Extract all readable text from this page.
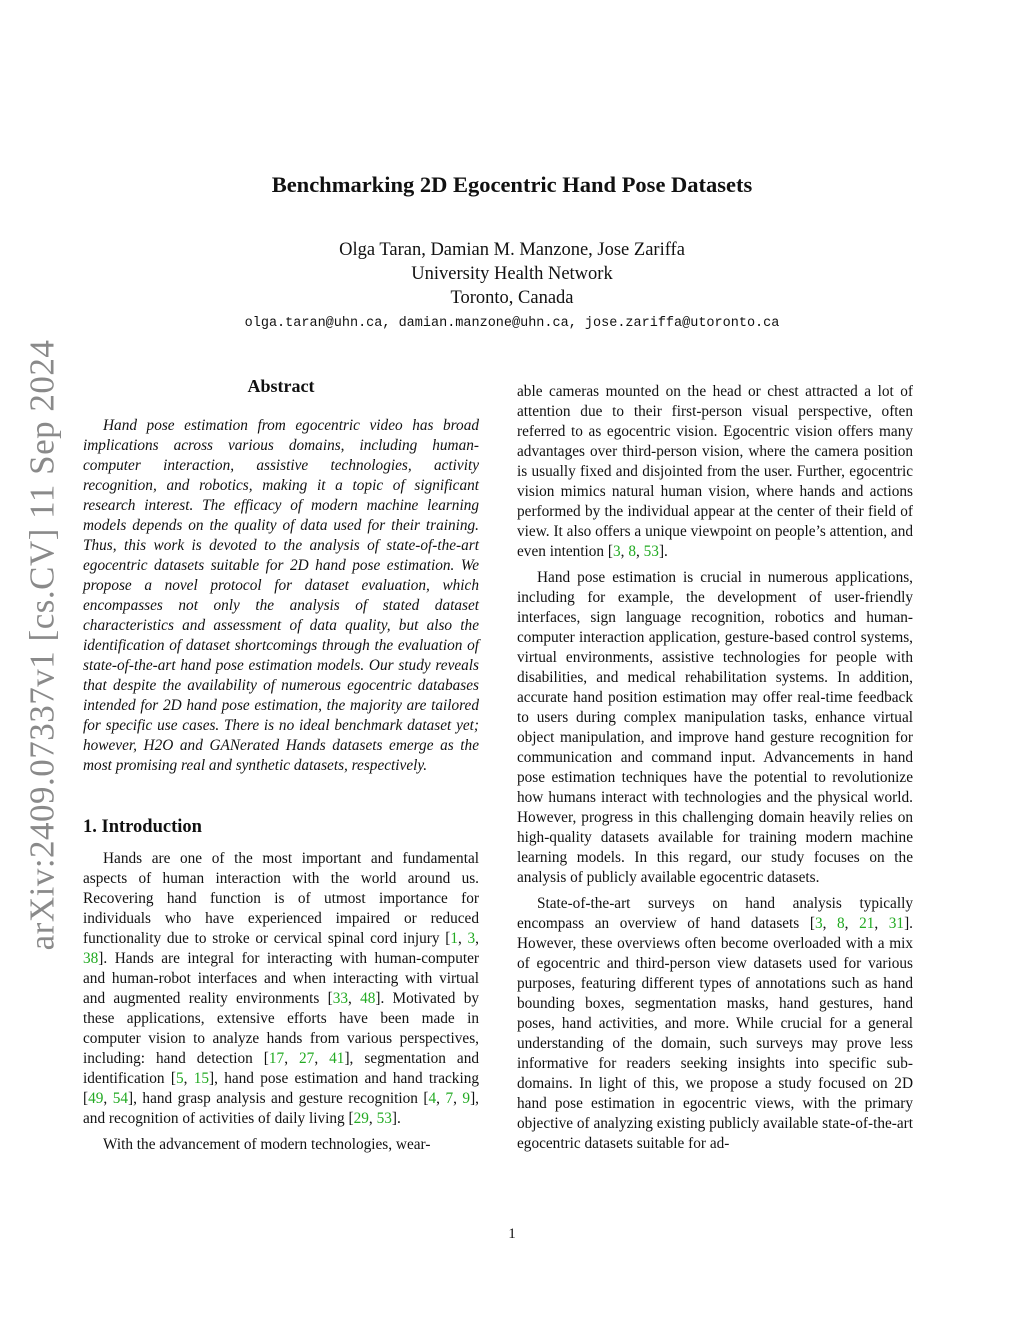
arXiv:2409.07337v1 [cs.CV] 11 Sep 2024
Benchmarking 2D Egocentric Hand Pose Datasets
Olga Taran, Damian M. Manzone, Jose Zariffa
University Health Network
Toronto, Canada
olga.taran@uhn.ca, damian.manzone@uhn.ca, jose.zariffa@utoronto.ca
Abstract

Hand pose estimation from egocentric video has broad implications across various domains, including human-computer interaction, assistive technologies, activity recognition, and robotics, making it a topic of significant research interest. The efficacy of modern machine learning models depends on the quality of data used for their training. Thus, this work is devoted to the analysis of state-of-the-art egocentric datasets suitable for 2D hand pose estimation. We propose a novel protocol for dataset evaluation, which encompasses not only the analysis of stated dataset characteristics and assessment of data quality, but also the identification of dataset shortcomings through the evaluation of state-of-the-art hand pose estimation models. Our study reveals that despite the availability of numerous egocentric databases intended for 2D hand pose estimation, the majority are tailored for specific use cases. There is no ideal benchmark dataset yet; however, H2O and GANerated Hands datasets emerge as the most promising real and synthetic datasets, respectively.

1. Introduction

Hands are one of the most important and fundamental aspects of human interaction with the world around us. Recovering hand function is of utmost importance for individuals who have experienced impaired or reduced functionality due to stroke or cervical spinal cord injury [1, 3, 38]. Hands are integral for interacting with human-computer and human-robot interfaces and when interacting with virtual and augmented reality environments [33, 48]. Motivated by these applications, extensive efforts have been made in computer vision to analyze hands from various perspectives, including: hand detection [17, 27, 41], segmentation and identification [5, 15], hand pose estimation and hand tracking [49, 54], hand grasp analysis and gesture recognition [4, 7, 9], and recognition of activities of daily living [29, 53].

With the advancement of modern technologies, wear-

able cameras mounted on the head or chest attracted a lot of attention due to their first-person visual perspective, often referred to as egocentric vision. Egocentric vision offers many advantages over third-person vision, where the camera position is usually fixed and disjointed from the user. Further, egocentric vision mimics natural human vision, where hands and actions performed by the individual appear at the center of their field of view. It also offers a unique viewpoint on people’s attention, and even intention [3, 8, 53].

Hand pose estimation is crucial in numerous applications, including for example, the development of user-friendly interfaces, sign language recognition, robotics and human-computer interaction application, gesture-based control systems, virtual environments, assistive technologies for people with disabilities, and medical rehabilitation systems. In addition, accurate hand position estimation may offer real-time feedback to users during complex manipulation tasks, enhance virtual object manipulation, and improve hand gesture recognition for communication and command input. Advancements in hand pose estimation techniques have the potential to revolutionize how humans interact with technologies and the physical world. However, progress in this challenging domain heavily relies on high-quality datasets available for training modern machine learning models. In this regard, our study focuses on the analysis of publicly available egocentric datasets.

State-of-the-art surveys on hand analysis typically encompass an overview of hand datasets [3, 8, 21, 31]. However, these overviews often become overloaded with a mix of egocentric and third-person view datasets used for various purposes, featuring different types of annotations such as hand bounding boxes, segmentation masks, hand gestures, hand poses, hand activities, and more. While crucial for a general understanding of the domain, such surveys may prove less informative for readers seeking insights into specific sub-domains. In light of this, we propose a study focused on 2D hand pose estimation in egocentric views, with the primary objective of analyzing existing publicly available state-of-the-art egocentric datasets suitable for ad-

1
